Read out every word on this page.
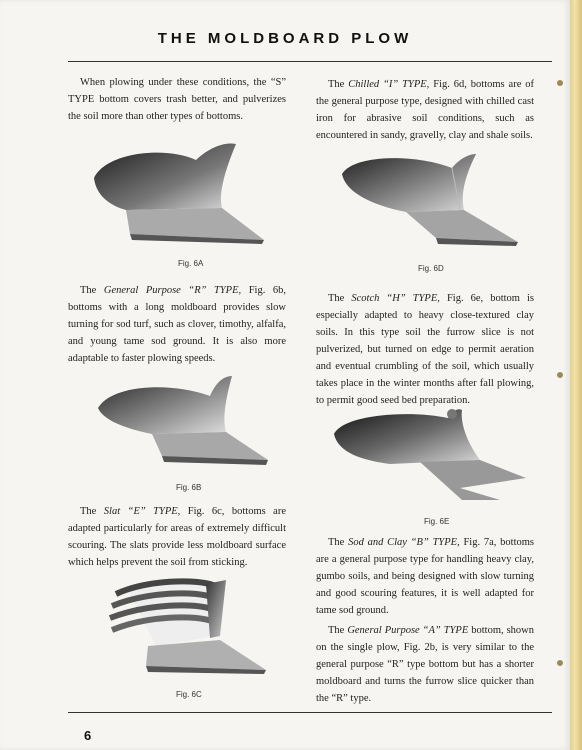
THE MOLDBOARD PLOW
When plowing under these conditions, the “S” TYPE bottom covers trash better, and pulverizes the soil more than other types of bottoms.
Fig. 6A
The General Purpose “R” TYPE, Fig. 6b, bottoms with a long moldboard provides slow turning for sod turf, such as clover, timothy, alfalfa, and young tame sod ground. It is also more adaptable to faster plowing speeds.
Fig. 6B
The Slat “E” TYPE, Fig. 6c, bottoms are adapted particularly for areas of extremely difficult scouring. The slats provide less moldboard surface which helps prevent the soil from sticking.
Fig. 6C
The Chilled “I” TYPE, Fig. 6d, bottoms are of the general purpose type, designed with chilled cast iron for abrasive soil conditions, such as encountered in sandy, gravelly, clay and shale soils.
Fig. 6D
The Scotch “H” TYPE, Fig. 6e, bottom is especially adapted to heavy close-textured clay soils. In this type soil the furrow slice is not pulverized, but turned on edge to permit aeration and eventual crumbling of the soil, which usually takes place in the winter months after fall plowing, to permit good seed bed preparation.
Fig. 6E
The Sod and Clay “B” TYPE, Fig. 7a, bottoms are a general purpose type for handling heavy clay, gumbo soils, and being designed with slow turning and good scouring features, it is well adapted for tame sod ground.
The General Purpose “A” TYPE bottom, shown on the single plow, Fig. 2b, is very similar to the general purpose “R” type bottom but has a shorter moldboard and turns the furrow slice quicker than the “R” type.
6
